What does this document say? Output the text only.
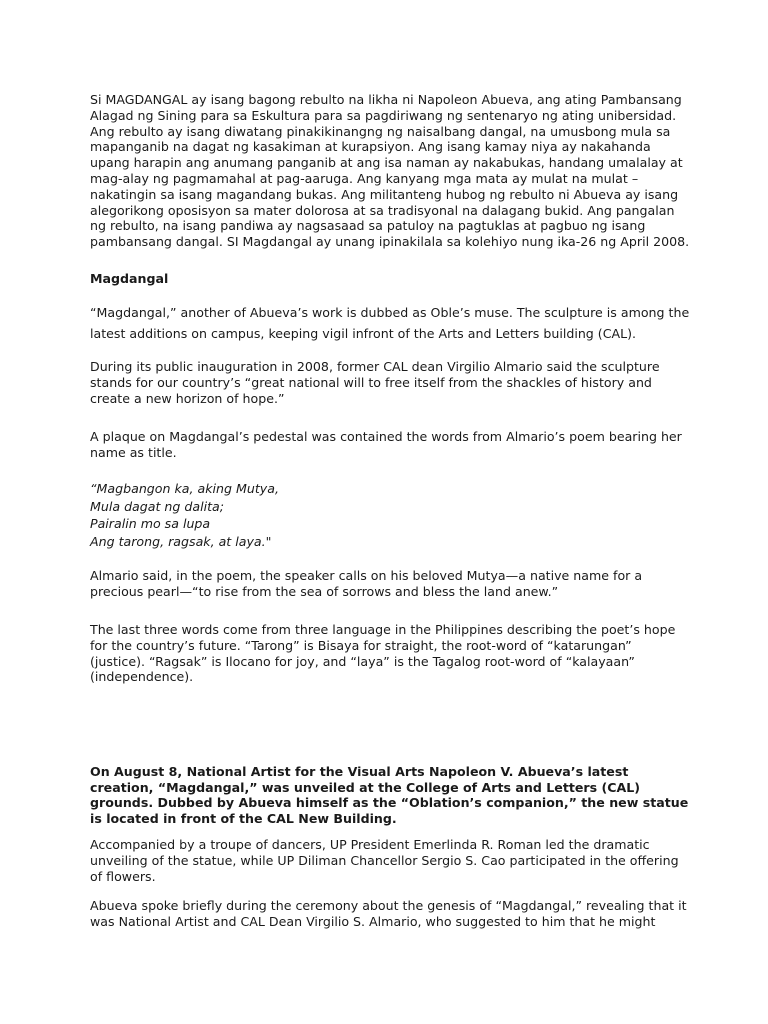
Si MAGDANGAL ay isang bagong rebulto na likha ni Napoleon Abueva, ang ating Pambansang Alagad ng Sining para sa Eskultura para sa pagdiriwang ng sentenaryo ng ating unibersidad. Ang rebulto ay isang diwatang pinakikinangng ng naisalbang dangal, na umusbong mula sa mapanganib na dagat ng kasakiman at kurapsiyon. Ang isang kamay niya ay nakahanda upang harapin ang anumang panganib at ang isa naman ay nakabukas, handang umalalay at mag-alay ng pagmamahal at pag-aaruga. Ang kanyang mga mata ay mulat na mulat – nakatingin sa isang magandang bukas. Ang militanteng hubog ng rebulto ni Abueva ay isang alegorikong oposisyon sa mater dolorosa at sa tradisyonal na dalagang bukid. Ang pangalan ng rebulto, na isang pandiwa ay nagsasaad sa patuloy na pagtuklas at pagbuo ng isang pambansang dangal. SI Magdangal ay unang ipinakilala sa kolehiyo nung ika-26 ng April 2008.

Magdangal

“Magdangal,” another of Abueva’s work is dubbed as Oble’s muse. The sculpture is among the latest additions on campus, keeping vigil infront of the Arts and Letters building (CAL).

During its public inauguration in 2008, former CAL dean Virgilio Almario said the sculpture stands for our country’s “great national will to free itself from the shackles of history and create a new horizon of hope.”

A plaque on Magdangal’s pedestal was contained the words from Almario’s poem bearing her name as title.

“Magbangon ka, aking Mutya,
Mula dagat ng dalita;
Pairalin mo sa lupa
Ang tarong, ragsak, at laya."

Almario said, in the poem, the speaker calls on his beloved Mutya—a native name for a precious pearl—“to rise from the sea of sorrows and bless the land anew.”

The last three words come from three language in the Philippines describing the poet’s hope for the country’s future. “Tarong” is Bisaya for straight, the root-word of “katarungan” (justice). “Ragsak” is Ilocano for joy, and “laya” is the Tagalog root-word of “kalayaan” (independence).

On August 8, National Artist for the Visual Arts Napoleon V. Abueva’s latest creation, “Magdangal,” was unveiled at the College of Arts and Letters (CAL) grounds. Dubbed by Abueva himself as the “Oblation’s companion,” the new statue is located in front of the CAL New Building.

Accompanied by a troupe of dancers, UP President Emerlinda R. Roman led the dramatic unveiling of the statue, while UP Diliman Chancellor Sergio S. Cao participated in the offering of flowers.

Abueva spoke briefly during the ceremony about the genesis of “Magdangal,” revealing that it was National Artist and CAL Dean Virgilio S. Almario, who suggested to him that he might
